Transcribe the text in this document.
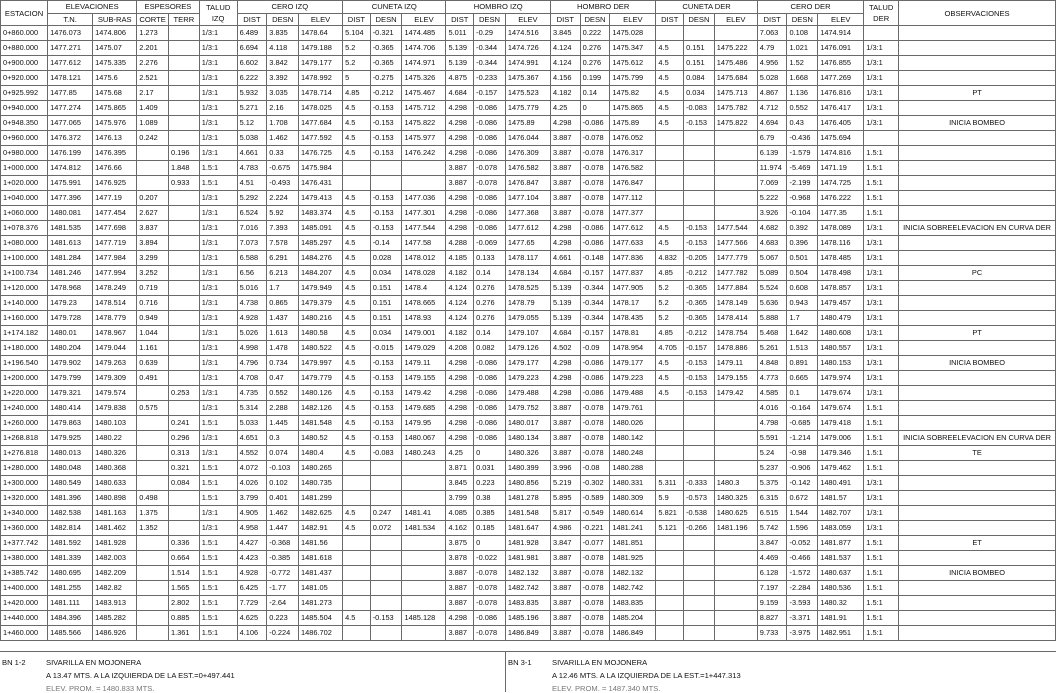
ESTACION	ELEVACIONES		ESPESORES		TALUD IZQ	CERO IZQ			CUNETA IZQ			HOMBRO IZQ			HOMBRO DER			CUNETA DER			CERO DER			TALUD DER	OBSERVACIONES
	T.N.	SUB-RAS	CORTE	TERR		DIST	DESN	ELEV	DIST	DESN	ELEV	DIST	DESN	ELEV	DIST	DESN	ELEV	DIST	DESN	ELEV	DIST	DESN	ELEV		
0+860.000	1476.073	1474.806	1.273		1/3:1	6.489	3.835	1478.64	5.104	-0.321	1474.485	5.011	-0.29	1474.516	3.845	0.222	1475.028				7.063	0.108	1474.914		
0+880.000	1477.271	1475.07	2.201		1/3:1	6.694	4.118	1479.188	5.2	-0.365	1474.706	5.139	-0.344	1474.726	4.124	0.276	1475.347	4.5	0.151	1475.222	4.79	1.021	1476.091	1/3:1	
0+900.000	1477.612	1475.335	2.276		1/3:1	6.602	3.842	1479.177	5.2	-0.365	1474.971	5.139	-0.344	1474.991	4.124	0.276	1475.612	4.5	0.151	1475.486	4.956	1.52	1476.855	1/3:1	
0+920.000	1478.121	1475.6	2.521		1/3:1	6.222	3.392	1478.992	5	-0.275	1475.326	4.875	-0.233	1475.367	4.156	0.199	1475.799	4.5	0.084	1475.684	5.028	1.668	1477.269	1/3:1	
0+925.992	1477.85	1475.68	2.17		1/3:1	5.932	3.035	1478.714	4.85	-0.212	1475.467	4.684	-0.157	1475.523	4.182	0.14	1475.82	4.5	0.034	1475.713	4.867	1.136	1476.816	1/3:1	PT
0+940.000	1477.274	1475.865	1.409		1/3:1	5.271	2.16	1478.025	4.5	-0.153	1475.712	4.298	-0.086	1475.779	4.25	0	1475.865	4.5	-0.083	1475.782	4.712	0.552	1476.417	1/3:1	
0+948.350	1477.065	1475.976	1.089		1/3:1	5.12	1.708	1477.684	4.5	-0.153	1475.822	4.298	-0.086	1475.89	4.298	-0.086	1475.89	4.5	-0.153	1475.822	4.694	0.43	1476.405	1/3:1	INICIA BOMBEO
0+960.000	1476.372	1476.13	0.242		1/3:1	5.038	1.462	1477.592	4.5	-0.153	1475.977	4.298	-0.086	1476.044	3.887	-0.078	1476.052				6.79	-0.436	1475.694		
0+980.000	1476.199	1476.395		0.196	1/3:1	4.661	0.33	1476.725	4.5	-0.153	1476.242	4.298	-0.086	1476.309	3.887	-0.078	1476.317				6.139	-1.579	1474.816	1.5:1	
1+000.000	1474.812	1476.66		1.848	1.5:1	4.783	-0.675	1475.984				3.887	-0.078	1476.582	3.887	-0.078	1476.582				11.974	-5.469	1471.19	1.5:1	
1+020.000	1475.991	1476.925		0.933	1.5:1	4.51	-0.493	1476.431				3.887	-0.078	1476.847	3.887	-0.078	1476.847				7.069	-2.199	1474.725	1.5:1	
1+040.000	1477.396	1477.19	0.207		1/3:1	5.292	2.224	1479.413	4.5	-0.153	1477.036	4.298	-0.086	1477.104	3.887	-0.078	1477.112				5.222	-0.968	1476.222	1.5:1	
1+060.000	1480.081	1477.454	2.627		1/3:1	6.524	5.92	1483.374	4.5	-0.153	1477.301	4.298	-0.086	1477.368	3.887	-0.078	1477.377				3.926	-0.104	1477.35	1.5:1	
1+078.376	1481.535	1477.698	3.837		1/3:1	7.016	7.393	1485.091	4.5	-0.153	1477.544	4.298	-0.086	1477.612	4.298	-0.086	1477.612	4.5	-0.153	1477.544	4.682	0.392	1478.089	1/3:1	INICIA SOBREELEVACION EN CURVA DER
1+080.000	1481.613	1477.719	3.894		1/3:1	7.073	7.578	1485.297	4.5	-0.14	1477.58	4.288	-0.069	1477.65	4.298	-0.086	1477.633	4.5	-0.153	1477.566	4.683	0.396	1478.116	1/3:1	
1+100.000	1481.284	1477.984	3.299		1/3:1	6.588	6.291	1484.276	4.5	0.028	1478.012	4.185	0.133	1478.117	4.661	-0.148	1477.836	4.832	-0.205	1477.779	5.067	0.501	1478.485	1/3:1	
1+100.734	1481.246	1477.994	3.252		1/3:1	6.56	6.213	1484.207	4.5	0.034	1478.028	4.182	0.14	1478.134	4.684	-0.157	1477.837	4.85	-0.212	1477.782	5.089	0.504	1478.498	1/3:1	PC
1+120.000	1478.968	1478.249	0.719		1/3:1	5.016	1.7	1479.949	4.5	0.151	1478.4	4.124	0.276	1478.525	5.139	-0.344	1477.905	5.2	-0.365	1477.884	5.524	0.608	1478.857	1/3:1	
1+140.000	1479.23	1478.514	0.716		1/3:1	4.738	0.865	1479.379	4.5	0.151	1478.665	4.124	0.276	1478.79	5.139	-0.344	1478.17	5.2	-0.365	1478.149	5.636	0.943	1479.457	1/3:1	
1+160.000	1479.728	1478.779	0.949		1/3:1	4.928	1.437	1480.216	4.5	0.151	1478.93	4.124	0.276	1479.055	5.139	-0.344	1478.435	5.2	-0.365	1478.414	5.888	1.7	1480.479	1/3:1	
1+174.182	1480.01	1478.967	1.044		1/3:1	5.026	1.613	1480.58	4.5	0.034	1479.001	4.182	0.14	1479.107	4.684	-0.157	1478.81	4.85	-0.212	1478.754	5.468	1.642	1480.608	1/3:1	PT
1+180.000	1480.204	1479.044	1.161		1/3:1	4.998	1.478	1480.522	4.5	-0.015	1479.029	4.208	0.082	1479.126	4.502	-0.09	1478.954	4.705	-0.157	1478.886	5.261	1.513	1480.557	1/3:1	
1+196.540	1479.902	1479.263	0.639		1/3:1	4.796	0.734	1479.997	4.5	-0.153	1479.11	4.298	-0.086	1479.177	4.298	-0.086	1479.177	4.5	-0.153	1479.11	4.848	0.891	1480.153	1/3:1	INICIA BOMBEO
1+200.000	1479.799	1479.309	0.491		1/3:1	4.708	0.47	1479.779	4.5	-0.153	1479.155	4.298	-0.086	1479.223	4.298	-0.086	1479.223	4.5	-0.153	1479.155	4.773	0.665	1479.974	1/3:1	
1+220.000	1479.321	1479.574		0.253	1/3:1	4.735	0.552	1480.126	4.5	-0.153	1479.42	4.298	-0.086	1479.488	4.298	-0.086	1479.488	4.5	-0.153	1479.42	4.585	0.1	1479.674	1/3:1	
1+240.000	1480.414	1479.838	0.575		1/3:1	5.314	2.288	1482.126	4.5	-0.153	1479.685	4.298	-0.086	1479.752	3.887	-0.078	1479.761				4.016	-0.164	1479.674	1.5:1	
1+260.000	1479.863	1480.103		0.241	1.5:1	5.033	1.445	1481.548	4.5	-0.153	1479.95	4.298	-0.086	1480.017	3.887	-0.078	1480.026				4.798	-0.685	1479.418	1.5:1	
1+268.818	1479.925	1480.22		0.296	1/3:1	4.651	0.3	1480.52	4.5	-0.153	1480.067	4.298	-0.086	1480.134	3.887	-0.078	1480.142				5.591	-1.214	1479.006	1.5:1	INICIA SOBREELEVACION EN CURVA DER
1+276.818	1480.013	1480.326		0.313	1/3:1	4.552	0.074	1480.4	4.5	-0.083	1480.243	4.25	0	1480.326	3.887	-0.078	1480.248				5.24	-0.98	1479.346	1.5:1	TE
1+280.000	1480.048	1480.368		0.321	1.5:1	4.072	-0.103	1480.265				3.871	0.031	1480.399	3.996	-0.08	1480.288				5.237	-0.906	1479.462	1.5:1	
1+300.000	1480.549	1480.633		0.084	1.5:1	4.026	0.102	1480.735				3.845	0.223	1480.856	5.219	-0.302	1480.331	5.311	-0.333	1480.3	5.375	-0.142	1480.491	1/3:1	
1+320.000	1481.396	1480.898	0.498		1.5:1	3.799	0.401	1481.299				3.799	0.38	1481.278	5.895	-0.589	1480.309	5.9	-0.573	1480.325	6.315	0.672	1481.57	1/3:1	
1+340.000	1482.538	1481.163	1.375		1/3:1	4.905	1.462	1482.625	4.5	0.247	1481.41	4.085	0.385	1481.548	5.817	-0.549	1480.614	5.821	-0.538	1480.625	6.515	1.544	1482.707	1/3:1	
1+360.000	1482.814	1481.462	1.352		1/3:1	4.958	1.447	1482.91	4.5	0.072	1481.534	4.162	0.185	1481.647	4.986	-0.221	1481.241	5.121	-0.266	1481.196	5.742	1.596	1483.059	1/3:1	
1+377.742	1481.592	1481.928		0.336	1.5:1	4.427	-0.368	1481.56				3.875	0	1481.928	3.847	-0.077	1481.851				3.847	-0.052	1481.877	1.5:1	ET
1+380.000	1481.339	1482.003		0.664	1.5:1	4.423	-0.385	1481.618				3.878	-0.022	1481.981	3.887	-0.078	1481.925				4.469	-0.466	1481.537	1.5:1	
1+385.742	1480.695	1482.209		1.514	1.5:1	4.928	-0.772	1481.437				3.887	-0.078	1482.132	3.887	-0.078	1482.132				6.128	-1.572	1480.637	1.5:1	INICIA BOMBEO
1+400.000	1481.255	1482.82		1.565	1.5:1	6.425	-1.77	1481.05				3.887	-0.078	1482.742	3.887	-0.078	1482.742				7.197	-2.284	1480.536	1.5:1	
1+420.000	1481.111	1483.913		2.802	1.5:1	7.729	-2.64	1481.273				3.887	-0.078	1483.835	3.887	-0.078	1483.835				9.159	-3.593	1480.32	1.5:1	
1+440.000	1484.396	1485.282		0.885	1.5:1	4.625	0.223	1485.504	4.5	-0.153	1485.128	4.298	-0.086	1485.196	3.887	-0.078	1485.204				8.827	-3.371	1481.91	1.5:1	
1+460.000	1485.566	1486.926		1.361	1.5:1	4.106	-0.224	1486.702				3.887	-0.078	1486.849	3.887	-0.078	1486.849				9.733	-3.975	1482.951	1.5:1	
BN 1-2	SIVARILLA EN MOJONERA
A 13.47 MTS. A LA IZQUIERDA DE LA EST.=0+497.441
ELEV. PROM. = 1480.833 MTS.
BN 3-1	SIVARILLA EN MOJONERA
A 12.46 MTS. A LA IZQUIERDA DE LA EST.=1+447.313
ELEV. PROM. = 1487.340 MTS.
